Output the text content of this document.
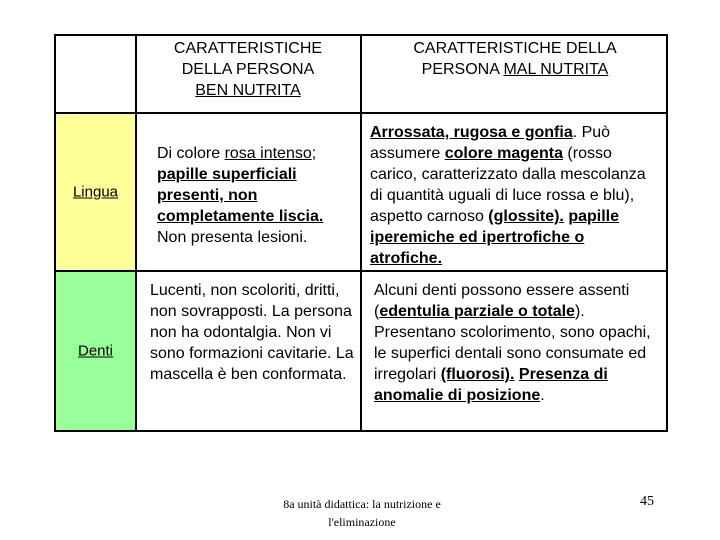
Lingua
Denti
CARATTERISTICHE
DELLA PERSONA
BEN NUTRITA
CARATTERISTICHE DELLA
PERSONA MAL NUTRITA
Di colore rosa intenso; papille superficiali presenti, non completamente liscia. Non presenta lesioni.
Arrossata, rugosa e gonfia. Può assumere colore magenta (rosso carico, caratterizzato dalla mescolanza di quantità uguali di luce rossa e blu), aspetto carnoso (glossite). papille iperemiche ed ipertrofiche o atrofiche.
Lucenti, non scoloriti, dritti, non sovrapposti. La persona non ha odontalgia. Non vi sono formazioni cavitarie. La mascella è ben conformata.
Alcuni denti possono essere assenti (edentulia parziale o totale). Presentano scolorimento, sono opachi, le superfici dentali sono consumate ed irregolari (fluorosi). Presenza di anomalie di posizione.
8a unità didattica: la nutrizione e l'eliminazione
45
